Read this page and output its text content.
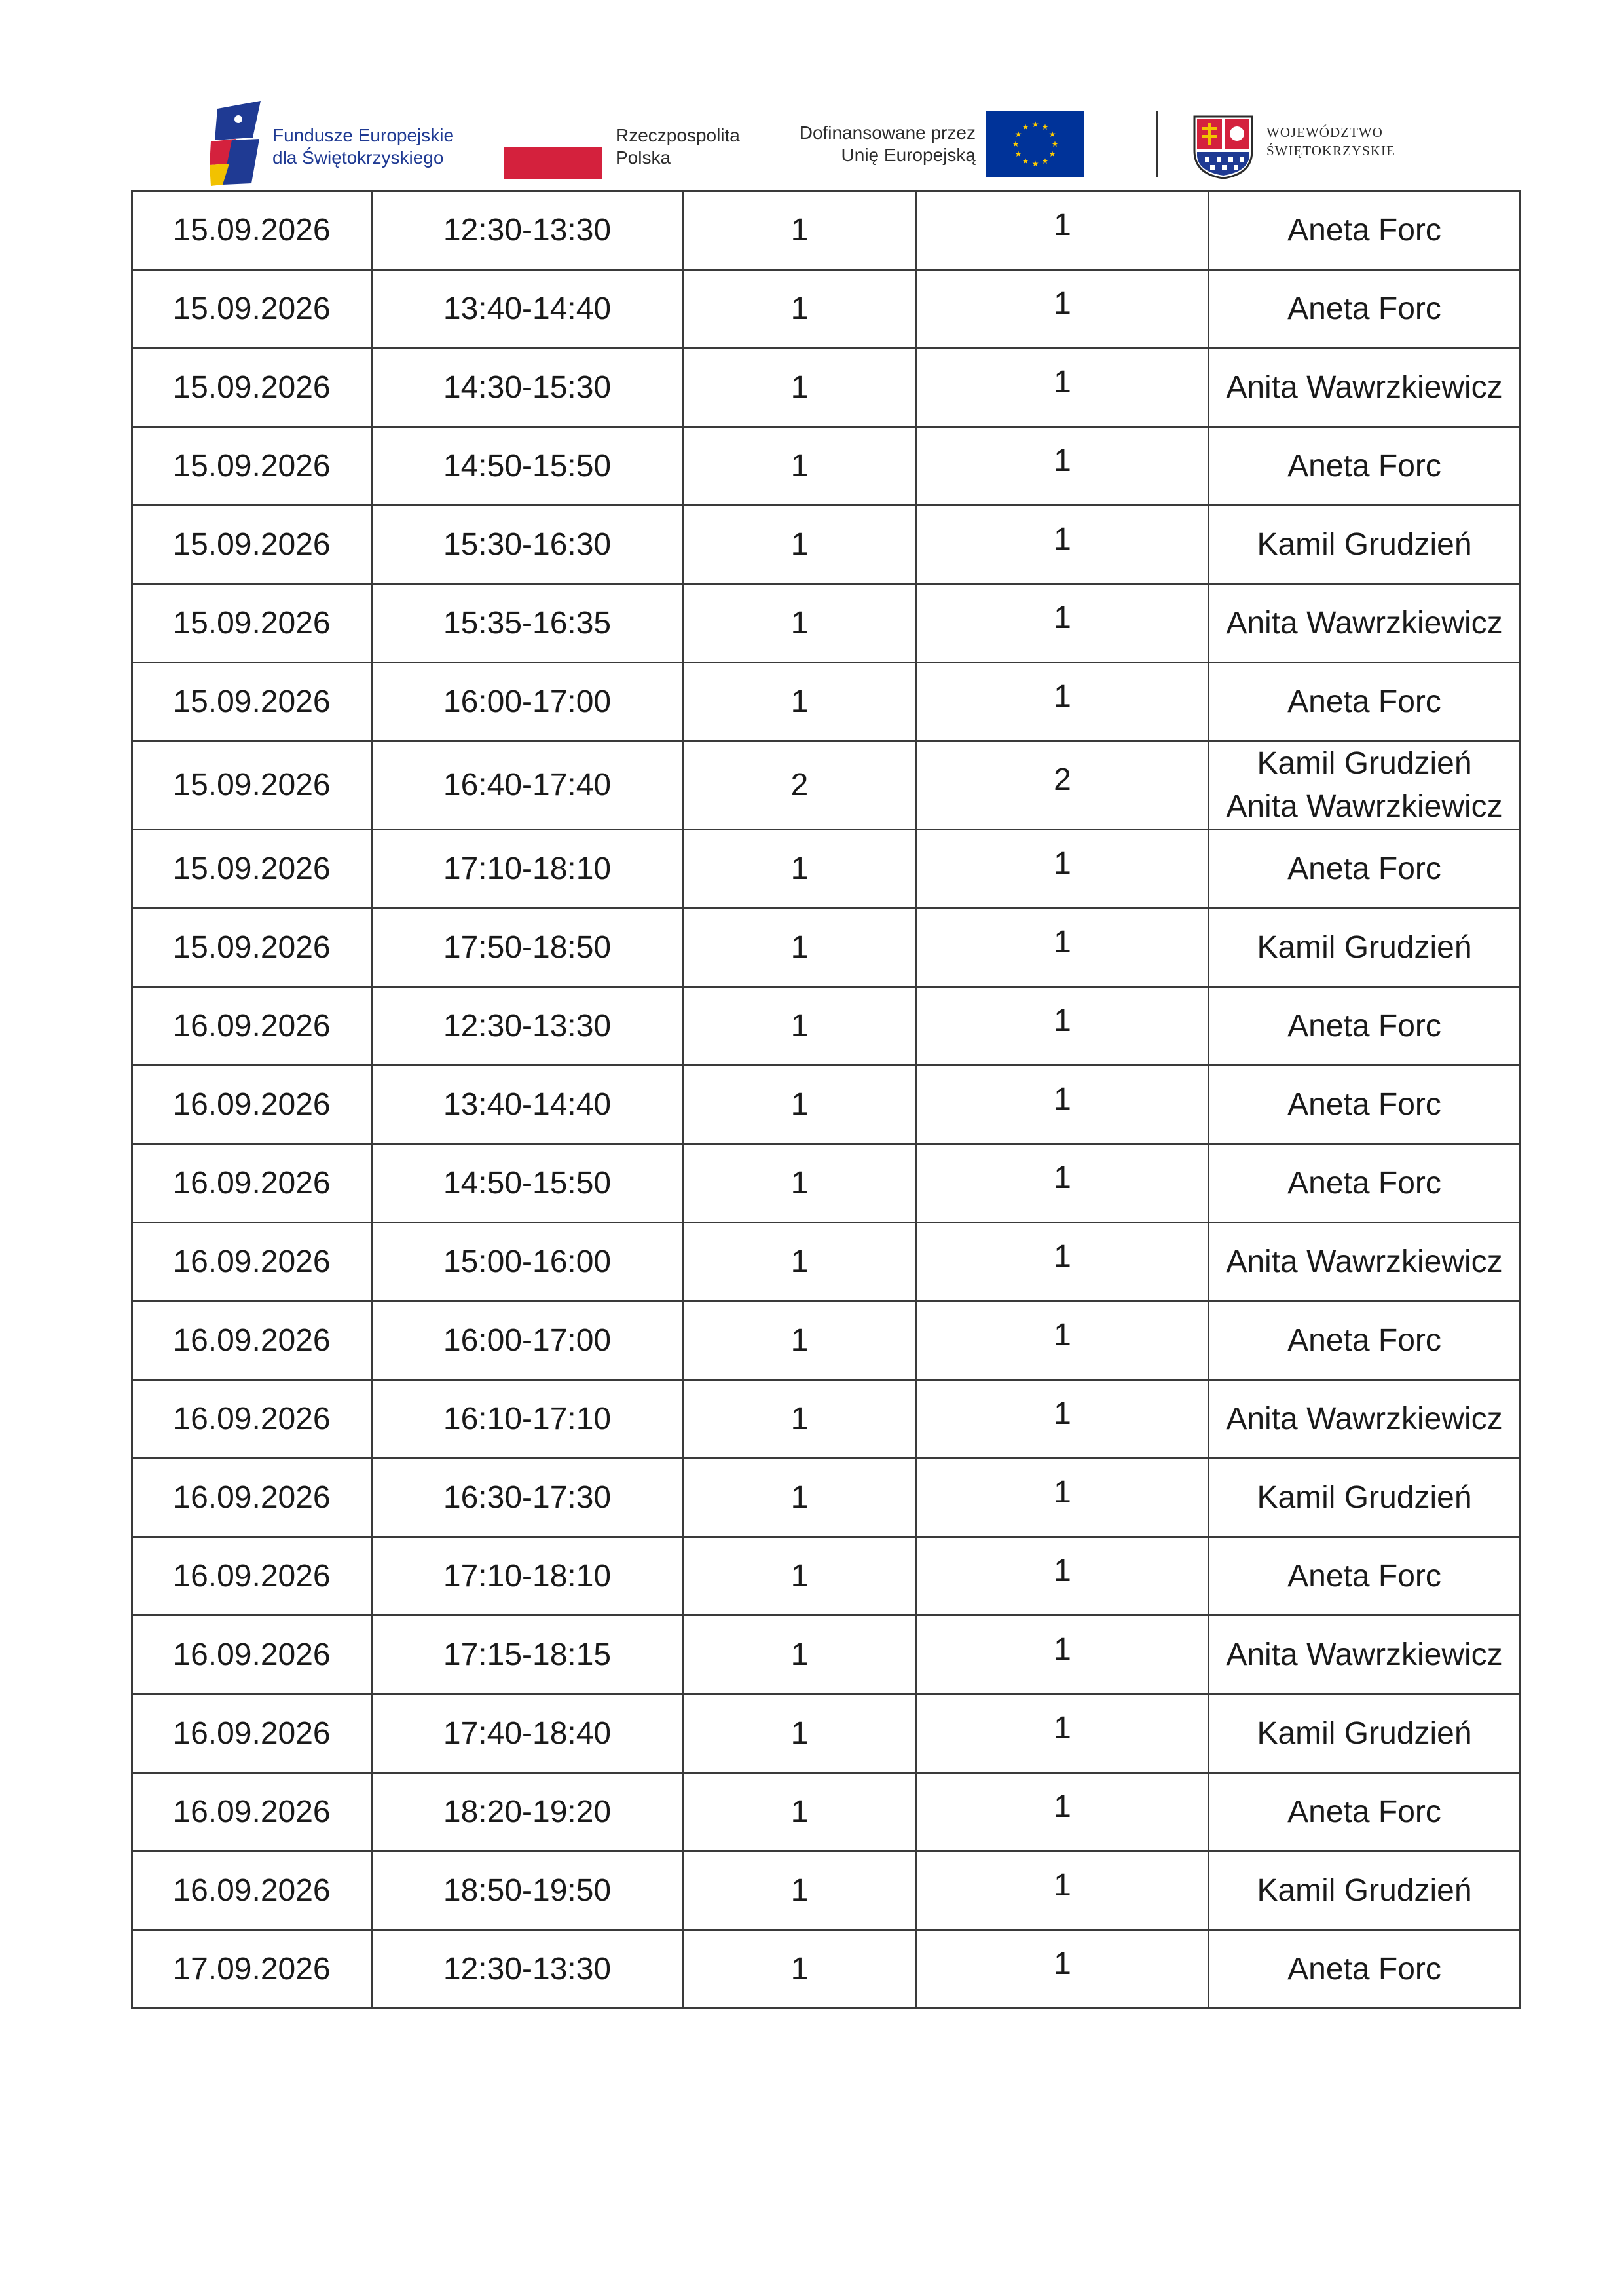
Fundusze Europejskie
dla Świętokrzyskiego
Rzeczpospolita
Polska
Dofinansowane przez
Unię Europejską
★ ★
★
★
★
★
★
★
★
★
★
★	WOJEWÓDZTWO
ŚWIĘTOKRZYSKIE
15.09.2026	12:30-13:30	1	1	Aneta Forc

15.09.2026	13:40-14:40	1	1	Aneta Forc

15.09.2026	14:30-15:30	1	1	Anita Wawrzkiewicz

15.09.2026	14:50-15:50	1	1	Aneta Forc

15.09.2026	15:30-16:30	1	1	Kamil Grudzień

15.09.2026	15:35-16:35	1	1	Anita Wawrzkiewicz

15.09.2026	16:00-17:00	1	1	Aneta Forc

15.09.2026	16:40-17:40	2	2	Kamil Grudzień
Anita Wawrzkiewicz

15.09.2026	17:10-18:10	1	1	Aneta Forc

15.09.2026	17:50-18:50	1	1	Kamil Grudzień

16.09.2026	12:30-13:30	1	1	Aneta Forc

16.09.2026	13:40-14:40	1	1	Aneta Forc

16.09.2026	14:50-15:50	1	1	Aneta Forc

16.09.2026	15:00-16:00	1	1	Anita Wawrzkiewicz

16.09.2026	16:00-17:00	1	1	Aneta Forc

16.09.2026	16:10-17:10	1	1	Anita Wawrzkiewicz

16.09.2026	16:30-17:30	1	1	Kamil Grudzień

16.09.2026	17:10-18:10	1	1	Aneta Forc

16.09.2026	17:15-18:15	1	1	Anita Wawrzkiewicz

16.09.2026	17:40-18:40	1	1	Kamil Grudzień

16.09.2026	18:20-19:20	1	1	Aneta Forc

16.09.2026	18:50-19:50	1	1	Kamil Grudzień

17.09.2026	12:30-13:30	1	1	Aneta Forc
